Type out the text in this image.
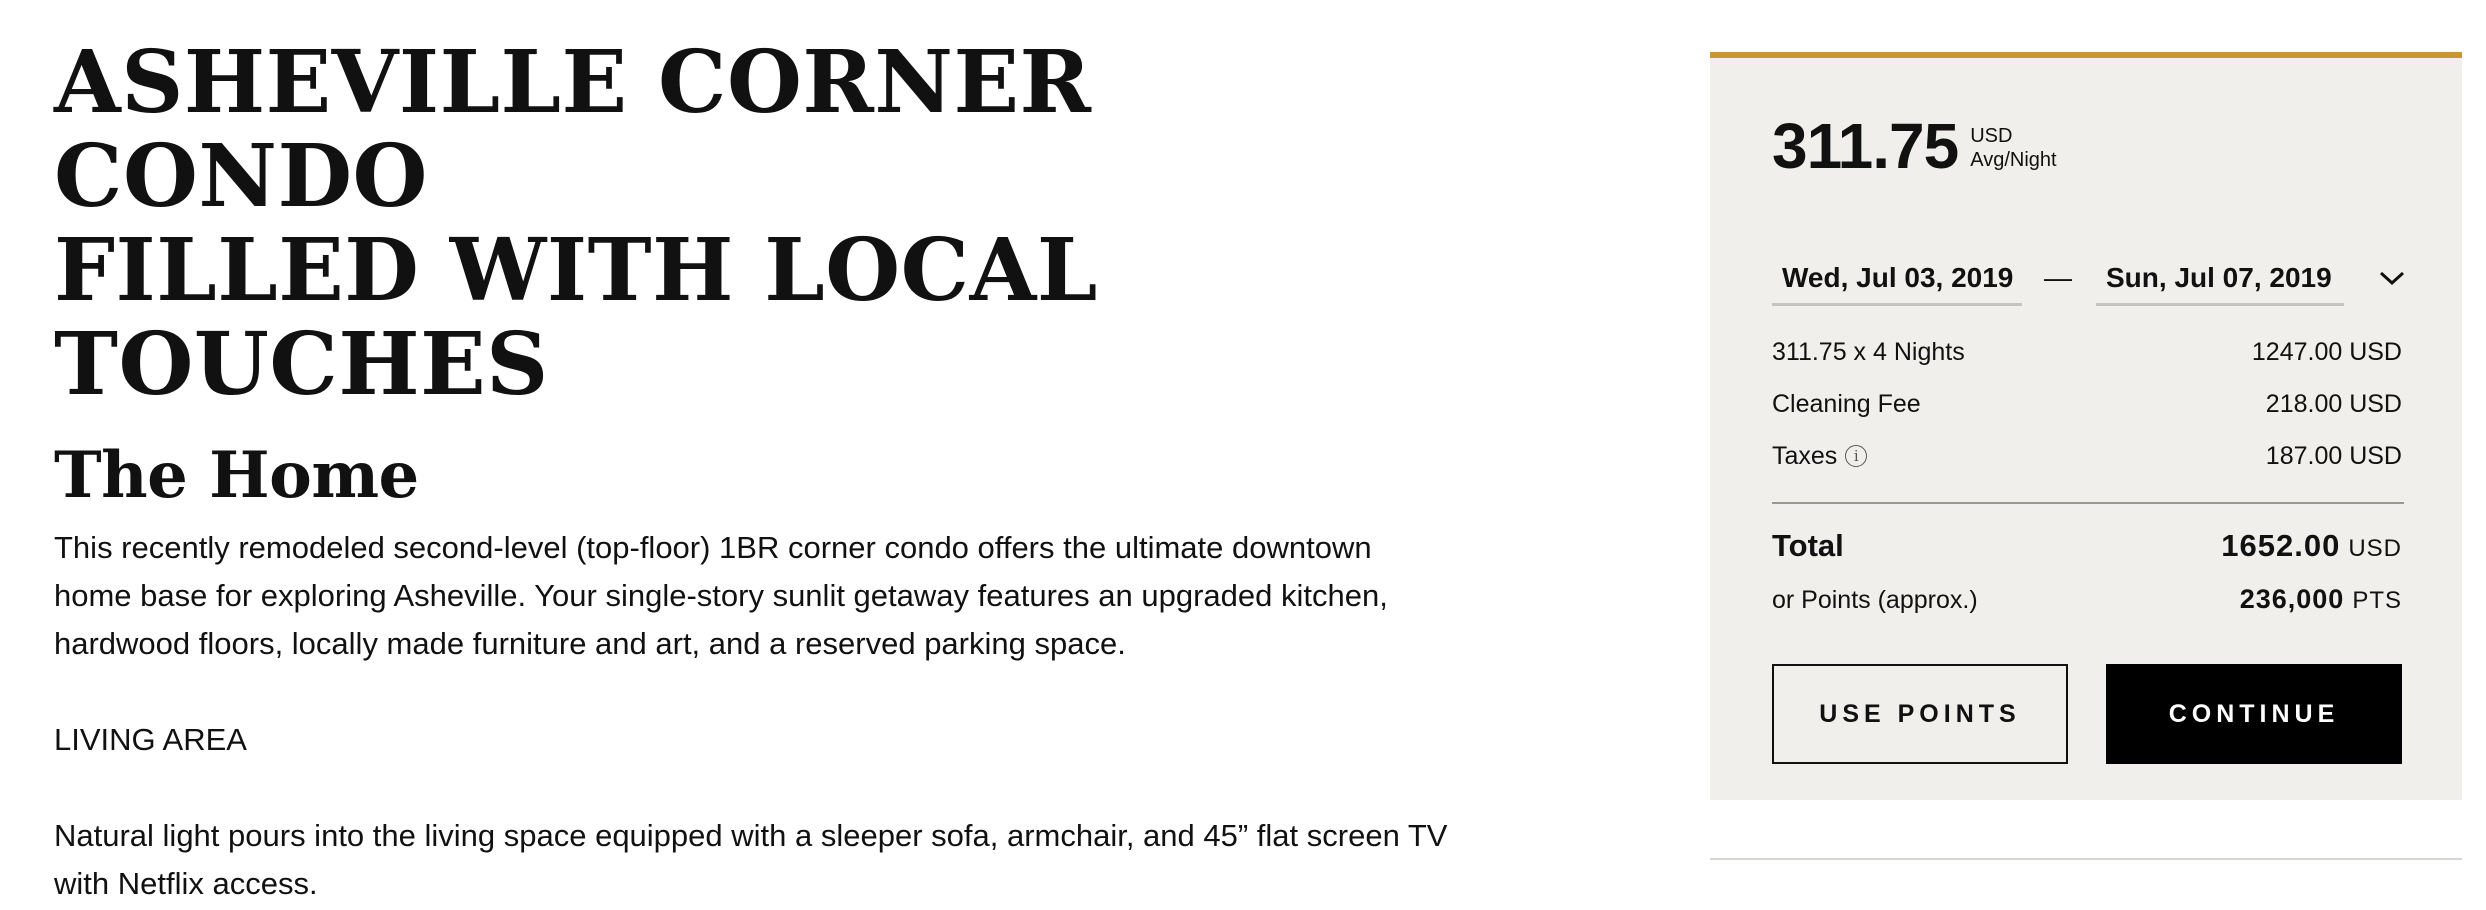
ASHEVILLE CORNER CONDO
FILLED WITH LOCAL
TOUCHES
The Home

This recently remodeled second-level (top-floor) 1BR corner condo offers the ultimate downtown home base for exploring Asheville. Your single-story sunlit getaway features an upgraded kitchen, hardwood floors, locally made furniture and art, and a reserved parking space.

LIVING AREA

Natural light pours into the living space equipped with a sleeper sofa, armchair, and 45” flat screen TV with Netflix access.

311.75 USD
Avg/Night
Wed, Jul 03, 2019	—	Sun, Jul 07, 2019
311.75 x 4 Nights	1247.00 USD
Cleaning Fee	218.00 USD
Taxes	i	187.00 USD
Total	1652.00 USD
or Points (approx.)	236,000 PTS
USE POINTS	CONTINUE
